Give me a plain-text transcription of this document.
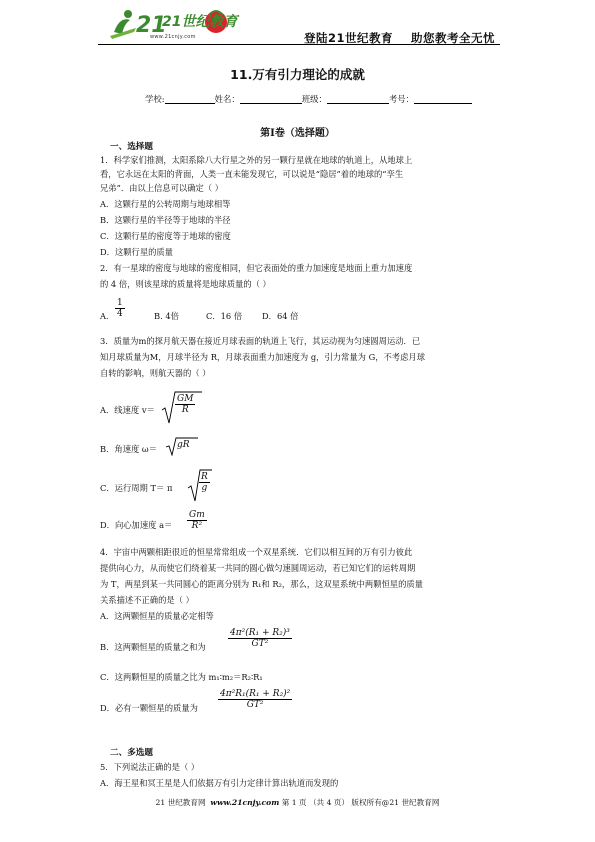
21
21世纪教育
www.21cnjy.com	登陆21世纪教育 助您教考全无忧
11.万有引力理论的成就
学校:	姓名：	班级：	考号：
第I卷（选择题）
一、选择题
1．科学家们推测，太阳系除八大行星之外的另一颗行星就在地球的轨道上，从地球上
看，它永远在太阳的背面，人类一直未能发现它，可以说是“隐居”着的地球的“孪生
兄弟”．由以上信息可以确定（ ）
A．这颗行星的公转周期与地球相等
B．这颗行星的半径等于地球的半径
C．这颗行星的密度等于地球的密度
D．这颗行星的质量
2．有一星球的密度与地球的密度相同，但它表面处的重力加速度是地面上重力加速度
的 4 倍，则该星球的质量将是地球质量的（ ）
A． $\frac{1}{4}$	B. 4倍	C．16 倍 D．64 倍
3．质量为m的探月航天器在接近月球表面的轨道上飞行，其运动视为匀速圆周运动．已
知月球质量为M，月球半径为 R，月球表面重力加速度为 g，引力常量为 G，不考虑月球
自转的影响，则航天器的（ ）
A．线速度 $v= \frac{GM}{R}$
B．角速度 ω＝ gR
C．运行周期 T＝ π	$\frac{R}{g}$
D．向心加速度 $a= \frac{Gm}{\text{R²}}$
4．宇宙中两颗相距很近的恒星常常组成一个双星系统．它们以相互间的万有引力彼此
提供向心力，从而使它们绕着某一共同的圆心做匀速圆周运动，若已知它们的运转周期
为 T，两星到某一共同圆心的距离分别为 R₁和 R₂，那么，这双星系统中两颗恒星的质量
关系描述不正确的是（ ）
A．这两颗恒星的质量必定相等
B．这两颗恒星的质量之和为 $\frac{\text{4π²(R₁ + R₂)³}}{\text{GT²}}$
C．这两颗恒星的质量之比为 m₁∶m₂＝R₂∶R₁
D．必有一颗恒星的质量为 $\frac{\text{4π²R₁(R₁ + R₂)²}}{\text{GT²}}$
二、多选题
5．下列说法正确的是（ ）
A．海王星和冥王星是人们依据万有引力定律计算出轨道而发现的
21 世纪教育网 www.21cnjy.com 第 1 页 （共 4 页） 版权所有@21 世纪教育网
